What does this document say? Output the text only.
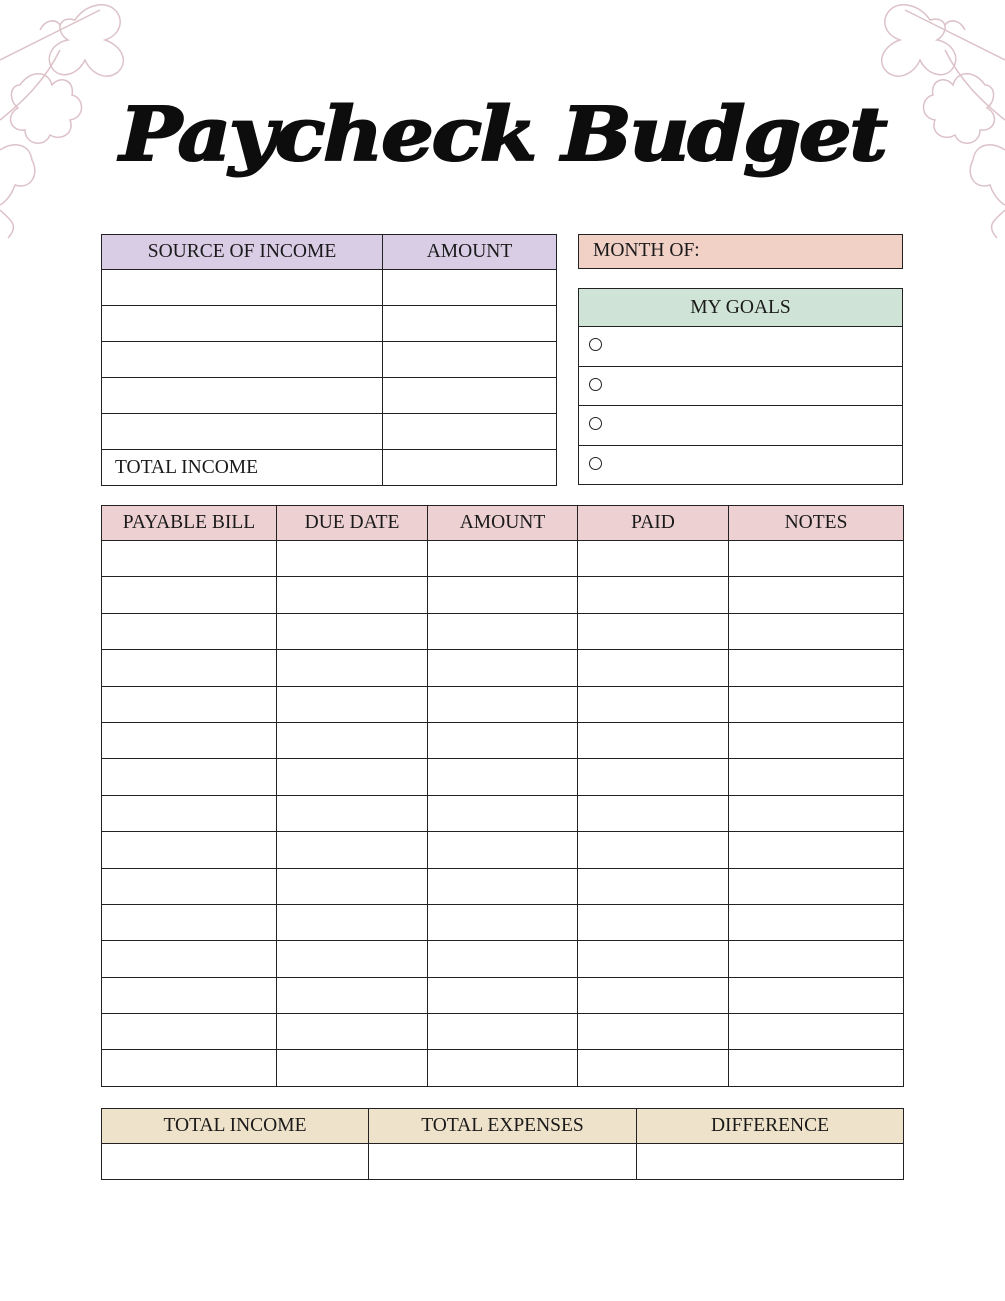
Paycheck Budget
SOURCE OF INCOME	AMOUNT

TOTAL INCOME	
MONTH OF:
MY GOALS

PAYABLE BILL	DUE DATE	AMOUNT	PAID	NOTES

TOTAL INCOME	TOTAL EXPENSES	DIFFERENCE
